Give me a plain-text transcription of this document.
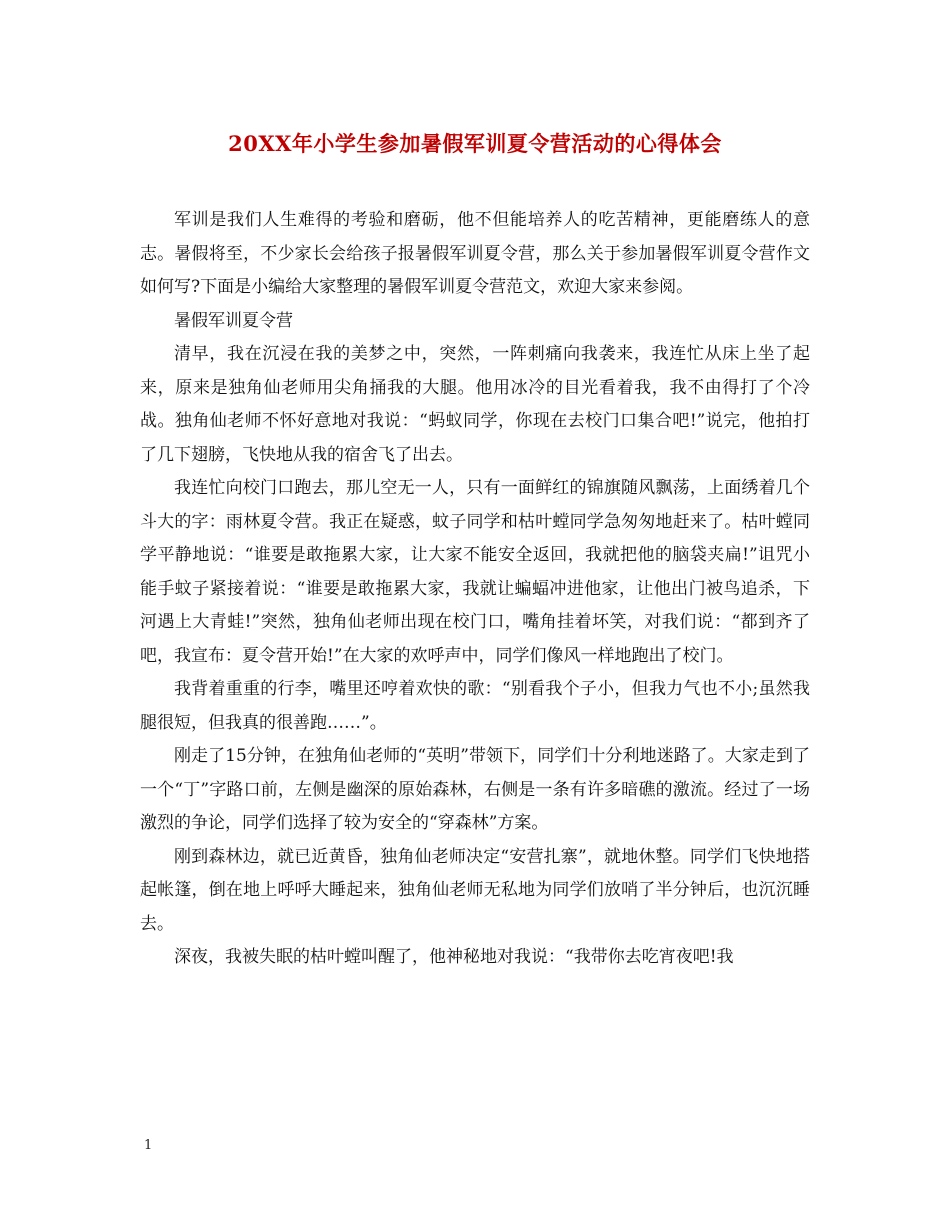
20XX年小学生参加暑假军训夏令营活动的心得体会

军训是我们人生难得的考验和磨砺，他不但能培养人的吃苦精神，更能磨练人的意志。暑假将至，不少家长会给孩子报暑假军训夏令营，那么关于参加暑假军训夏令营作文如何写?下面是小编给大家整理的暑假军训夏令营范文，欢迎大家来参阅。

暑假军训夏令营

清早，我在沉浸在我的美梦之中，突然，一阵刺痛向我袭来，我连忙从床上坐了起来，原来是独角仙老师用尖角捅我的大腿。他用冰冷的目光看着我，我不由得打了个冷战。独角仙老师不怀好意地对我说：“蚂蚁同学，你现在去校门口集合吧!”说完，他拍打了几下翅膀，飞快地从我的宿舍飞了出去。

我连忙向校门口跑去，那儿空无一人，只有一面鲜红的锦旗随风飘荡，上面绣着几个斗大的字：雨林夏令营。我正在疑惑，蚊子同学和枯叶螳同学急匆匆地赶来了。枯叶螳同学平静地说：“谁要是敢拖累大家，让大家不能安全返回，我就把他的脑袋夹扁!”诅咒小能手蚊子紧接着说：“谁要是敢拖累大家，我就让蝙蝠冲进他家，让他出门被鸟追杀，下河遇上大青蛙!”突然，独角仙老师出现在校门口，嘴角挂着坏笑，对我们说：“都到齐了吧，我宣布：夏令营开始!”在大家的欢呼声中，同学们像风一样地跑出了校门。

我背着重重的行李，嘴里还哼着欢快的歌：“别看我个子小，但我力气也不小;虽然我腿很短，但我真的很善跑……”。

刚走了15分钟，在独角仙老师的“英明”带领下，同学们十分利地迷路了。大家走到了一个“丁”字路口前，左侧是幽深的原始森林，右侧是一条有许多暗礁的激流。经过了一场激烈的争论，同学们选择了较为安全的“穿森林”方案。

刚到森林边，就已近黄昏，独角仙老师决定“安营扎寨”，就地休整。同学们飞快地搭起帐篷，倒在地上呼呼大睡起来，独角仙老师无私地为同学们放哨了半分钟后，也沉沉睡去。

深夜，我被失眠的枯叶螳叫醒了，他神秘地对我说：“我带你去吃宵夜吧!我

1
